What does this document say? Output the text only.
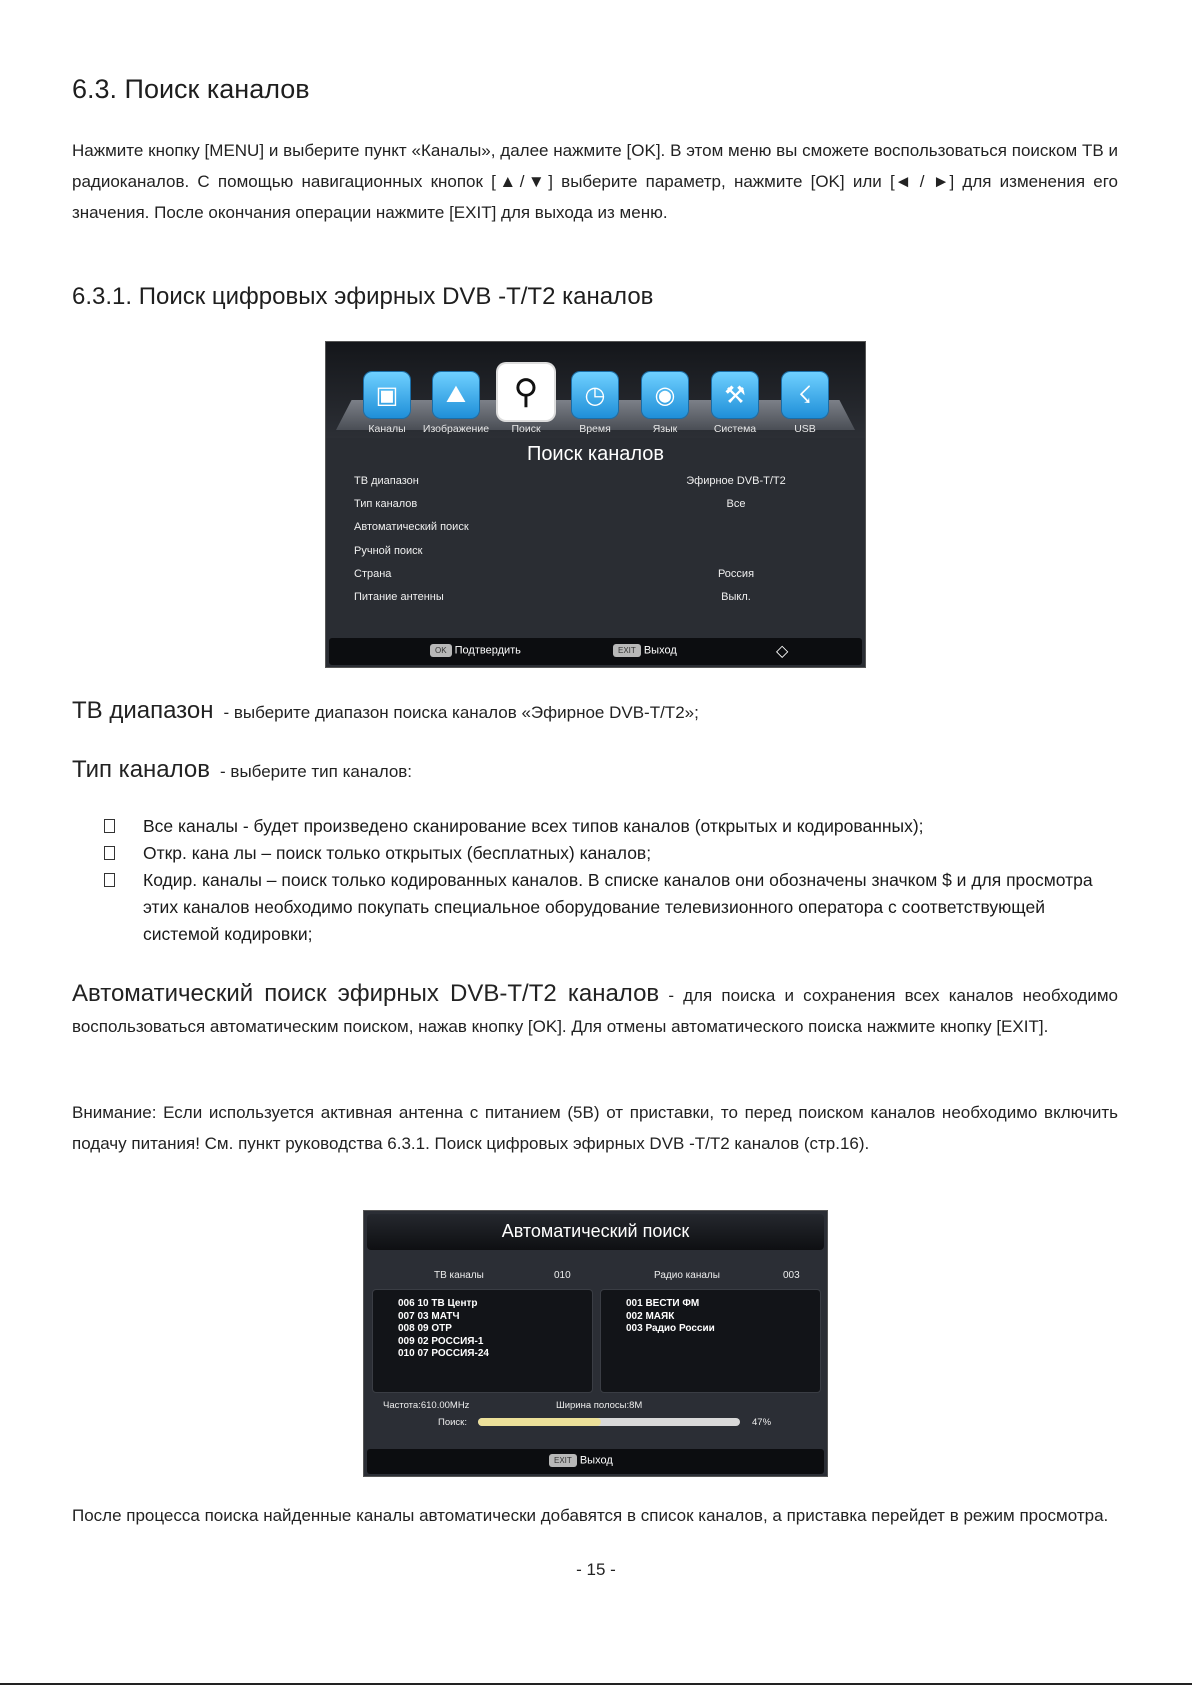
6.3. Поиск каналов
Нажмите кнопку [MENU] и выберите пункт «Каналы», далее нажмите [OK]. В этом меню вы сможете воспользоваться поиском ТВ и радиоканалов. С помощью навигационных кнопок [▲/▼] выберите параметр, нажмите [OK] или [◄ / ►] для изменения его значения. После окончания операции нажмите [EXIT] для выхода из меню.
6.3.1. Поиск цифровых эфирных DVB -T/T2 каналов
▣	⛰	⚲	◷	◉	⚒	☇
Каналы	Изображение	Поиск	Время	Язык	Система	USB
Поиск каналов
ТВ диапазон	Эфирное DVB-T/T2
Тип каналов	Все
Автоматический поиск
Ручной поиск
Страна	Россия
Питание антенны	Выкл.
OK Подтвердить	EXIT Выход	◇
ТВ диапазон - выберите диапазон поиска каналов «Эфирное DVB-T/T2»;
Тип каналов - выберите тип каналов:
Все каналы - будет произведено сканирование всех типов каналов (открытых и кодированных);
Откр. кана лы – поиск только открытых (бесплатных) каналов;
Кодир. каналы – поиск только кодированных каналов. В списке каналов они обозначены значком $ и для просмотра этих каналов необходимо покупать специальное оборудование телевизионного оператора с соответствующей системой кодировки;
Автоматический поиск эфирных DVB-T/T2 каналов - для поиска и сохранения всех каналов необходимо воспользоваться автоматическим поиском, нажав кнопку [OK]. Для отмены автоматического поиска нажмите кнопку [EXIT].
Внимание: Если используется активная антенна с питанием (5В) от приставки, то перед поиском каналов необходимо включить подачу питания! См. пункт руководства 6.3.1. Поиск цифровых эфирных DVB -T/T2 каналов (стр.16).
Автоматический поиск
ТВ каналы	010	Радио каналы	003
006 10 ТВ Центр
007 03 МАТЧ
008 09 ОТР
009 02 РОССИЯ-1
010 07 РОССИЯ-24
001 ВЕСТИ ФМ
002 МАЯК
003 Радио России
Частота:610.00MHz	Ширина полосы:8M
Поиск:	47%
EXIT Выход
После процесса поиска найденные каналы автоматически добавятся в список каналов, а приставка перейдет в режим просмотра.
- 15 -
